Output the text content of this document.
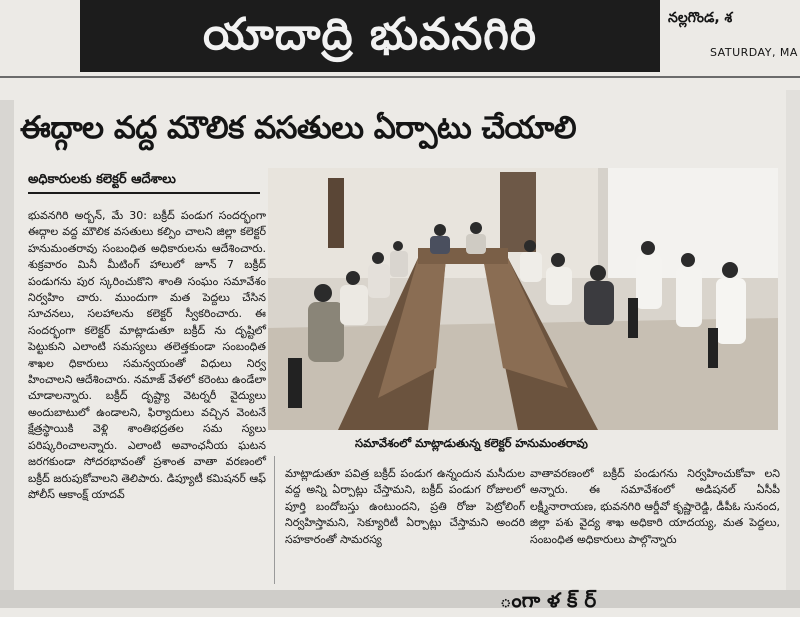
యాదాద్రి భువనగిరి	నల్లగొండ, శ
SATURDAY, MA
ఈద్గాల వద్ద మౌలిక వసతులు ఏర్పాటు చేయాలి
అధికారులకు కలెక్టర్‌ ఆదేశాలు
సమావేశంలో మాట్లాడుతున్న కలెక్టర్‌ హనుమంతరావు
భువనగిరి అర్బన్‌, మే 30: బక్రీద్‌ పండుగ సందర్భంగా ఈద్గాల వద్ద మౌలిక వసతులు కల్పిం చాలని జిల్లా కలెక్టర్‌ హనుమంతరావు సంబంధిత అధికారులను ఆదేశించారు. శుక్రవారం మినీ మీటింగ్‌ హాలులో జూన్‌ 7 బక్రీద్‌ పండుగను పుర స్కరించుకొని శాంతి సంఘం సమావేశం నిర్వహిం చారు. ముందుగా మత పెద్దలు చేసిన సూచనలు, సలహాలను కలెక్టర్‌ స్వీకరించారు. ఈ సందర్భంగా కలెక్టర్‌ మాట్లాడుతూ బక్రీద్‌ ను దృష్టిలో పెట్టుకుని ఎలాంటి సమస్యలు తలెత్తకుండా సంబంధిత శాఖల ధికారులు సమన్వయంతో విధులు నిర్వ హించాలని ఆదేశించారు. నమాజ్‌ వేళలో కరెంటు ఉండేలా చూడాలన్నారు. బక్రీద్‌ దృష్ట్యా వెటర్నరీ వైద్యులు అందుబాటులో ఉండాలని, ఫిర్యాదులు వచ్చిన వెంటనే క్షేత్రస్థాయికి వెళ్లి శాంతిభద్రతల సమ స్యలు పరిష్కరించాలన్నారు. ఎలాంటి అవాంఛనీయ ఘటన జరగకుండా సోదరభావంతో ప్రశాంత వాతా వరణంలో బక్రీద్‌ జరుపుకోవాలని తెలిపారు. డిప్యూటీ కమిషనర్‌ ఆఫ్‌ పోలీస్‌ ఆకాంక్ష్‌ యాదవ్‌
మాట్లాడుతూ పవిత్ర బక్రీద్‌ పండుగ ఉన్నందున మసీదుల వద్ద అన్ని ఏర్పాట్లు చేస్తామని, బక్రీద్‌ పండుగ రోజులలో పూర్తి బందోబస్తు ఉంటుందని, ప్రతి రోజు పెట్రోలింగ్‌ నిర్వహిస్తామని, సెక్యూరిటీ ఏర్పాట్లు చేస్తామని అందరి సహకారంతో సామరస్య
వాతావరణంలో బక్రీద్‌ పండుగను నిర్వహించుకోవా లని అన్నారు. ఈ సమావేశంలో అడిషనల్‌ ఏసీపీ లక్ష్మీనారాయణ, భువనగిరి ఆర్డీవో కృష్ణారెడ్డి, డీపీఓ సునంద, జిల్లా పశు వైద్య శాఖ అధికారి యాదయ్య, మత పెద్దలు, సంబంధిత అధికారులు పాల్గొన్నారు
ంగా ళ క్ ర్
